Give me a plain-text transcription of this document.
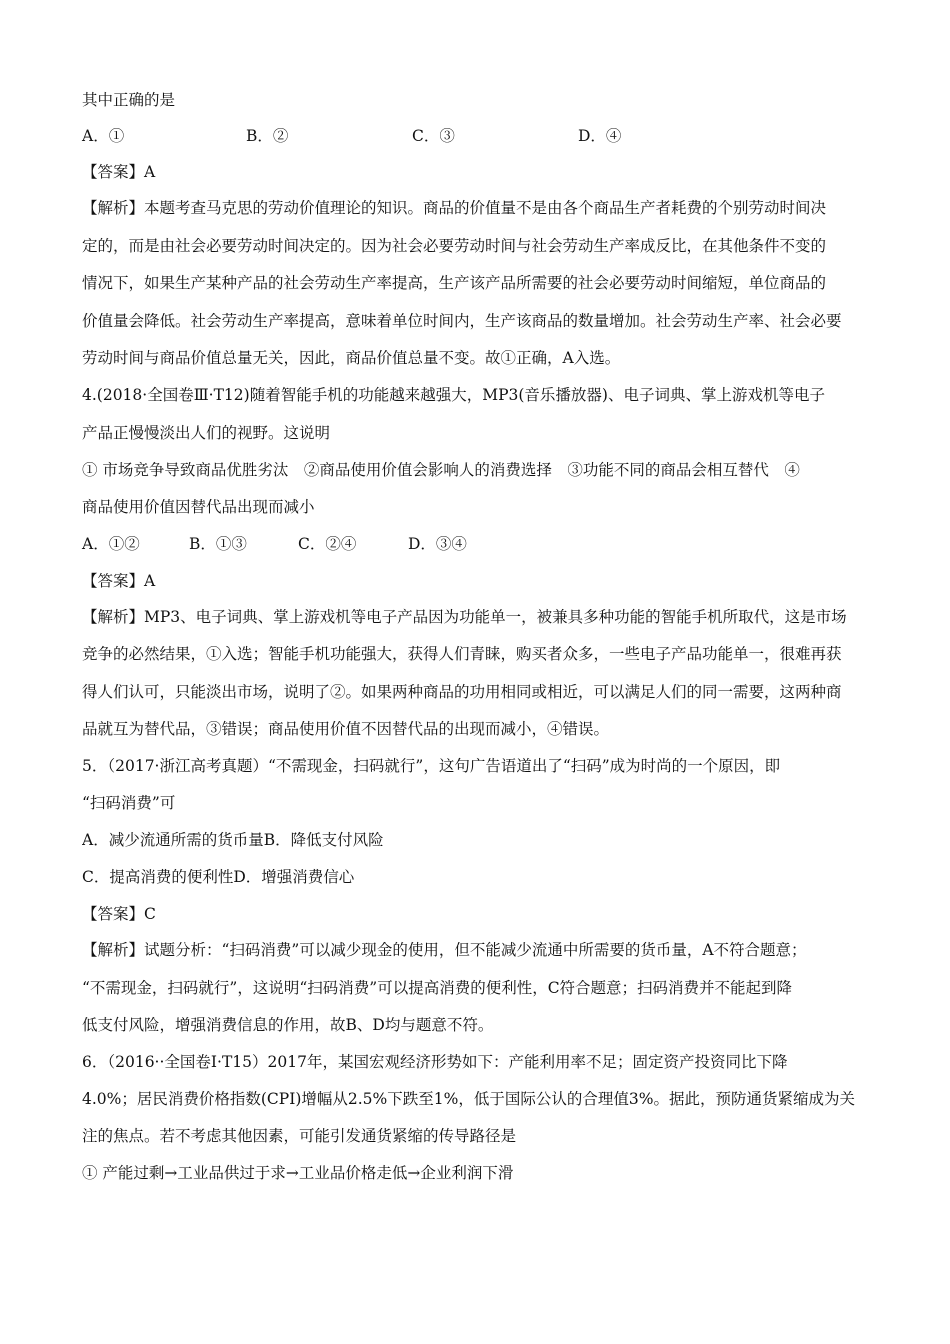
其中正确的是
A．①	B．②	C．③	D．④
【答案】A
【解析】本题考查马克思的劳动价值理论的知识。商品的价值量不是由各个商品生产者耗费的个别劳动时间决
定的，而是由社会必要劳动时间决定的。因为社会必要劳动时间与社会劳动生产率成反比，在其他条件不变的
情况下，如果生产某种产品的社会劳动生产率提高，生产该产品所需要的社会必要劳动时间缩短，单位商品的
价值量会降低。社会劳动生产率提高，意味着单位时间内，生产该商品的数量增加。社会劳动生产率、社会必要
劳动时间与商品价值总量无关，因此，商品价值总量不变。故①正确，A入选。
4.(2018·全国卷Ⅲ·T12)随着智能手机的功能越来越强大，MP3(音乐播放器)、电子词典、掌上游戏机等电子
产品正慢慢淡出人们的视野。这说明
① 市场竞争导致商品优胜劣汰　②商品使用价值会影响人的消费选择　③功能不同的商品会相互替代　④
商品使用价值因替代品出现而减小
A．①②	B．①③	C．②④	D．③④
【答案】A
【解析】MP3、电子词典、掌上游戏机等电子产品因为功能单一，被兼具多种功能的智能手机所取代，这是市场
竞争的必然结果，①入选；智能手机功能强大，获得人们青睐，购买者众多，一些电子产品功能单一，很难再获
得人们认可，只能淡出市场，说明了②。如果两种商品的功用相同或相近，可以满足人们的同一需要，这两种商
品就互为替代品，③错误；商品使用价值不因替代品的出现而减小，④错误。
5．（2017·浙江高考真题）“不需现金，扫码就行”，这句广告语道出了“扫码”成为时尚的一个原因，即
“扫码消费”可
A．减少流通所需的货币量B．降低支付风险
C．提高消费的便利性D．增强消费信心
【答案】C
【解析】试题分析：“扫码消费”可以减少现金的使用，但不能减少流通中所需要的货币量，A不符合题意；
“不需现金，扫码就行”，这说明“扫码消费”可以提高消费的便利性，C符合题意；扫码消费并不能起到降
低支付风险，增强消费信息的作用，故B、D均与题意不符。
6．（2016··全国卷Ⅰ·T15）2017年，某国宏观经济形势如下：产能利用率不足；固定资产投资同比下降
4.0%；居民消费价格指数(CPI)增幅从2.5%下跌至1%，低于国际公认的合理值3%。据此，预防通货紧缩成为关
注的焦点。若不考虑其他因素，可能引发通货紧缩的传导路径是
① 产能过剩→工业品供过于求→工业品价格走低→企业利润下滑
